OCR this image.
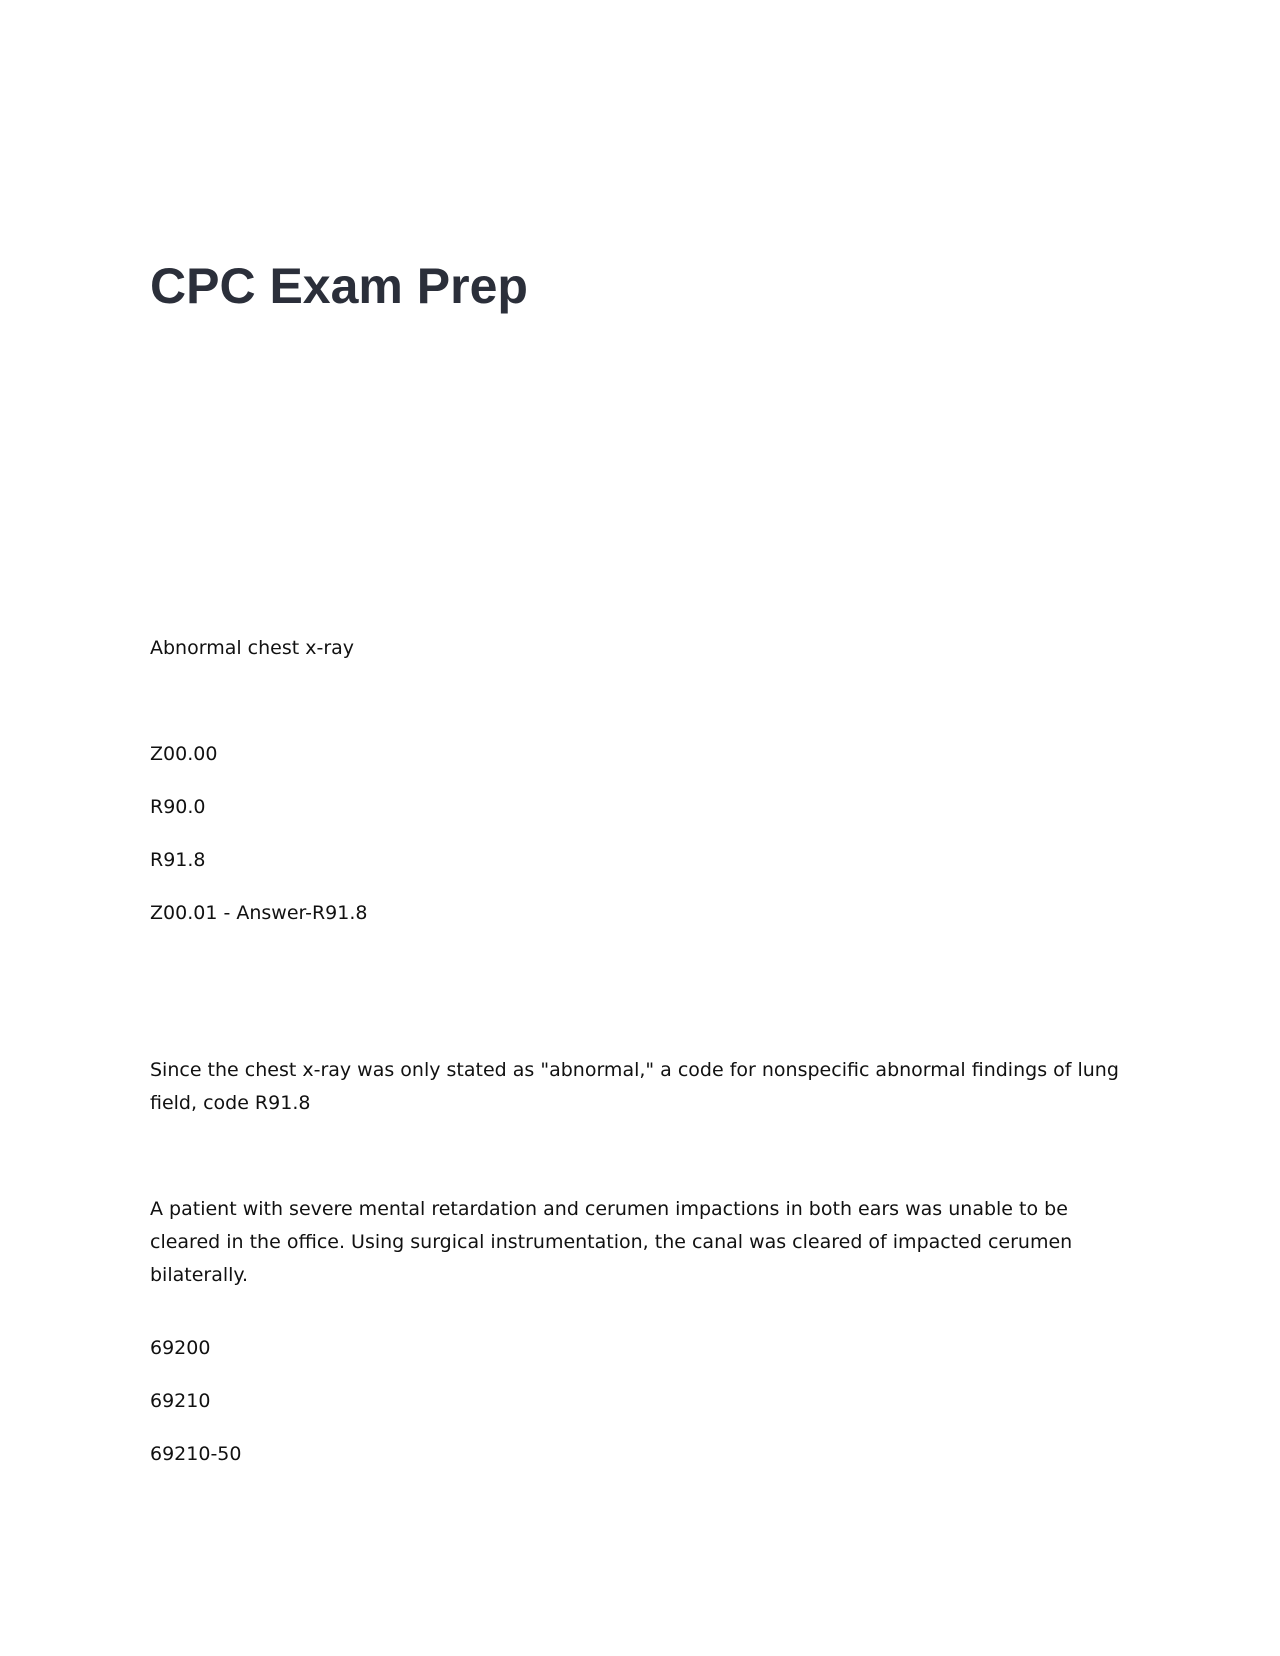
CPC Exam Prep

Abnormal chest x-ray

Z00.00

R90.0

R91.8

Z00.01 - Answer-R91.8

Since the chest x-ray was only stated as "abnormal," a code for nonspecific abnormal findings of lung field, code R91.8

A patient with severe mental retardation and cerumen impactions in both ears was unable to be cleared in the office. Using surgical instrumentation, the canal was cleared of impacted cerumen bilaterally.

69200

69210

69210-50
